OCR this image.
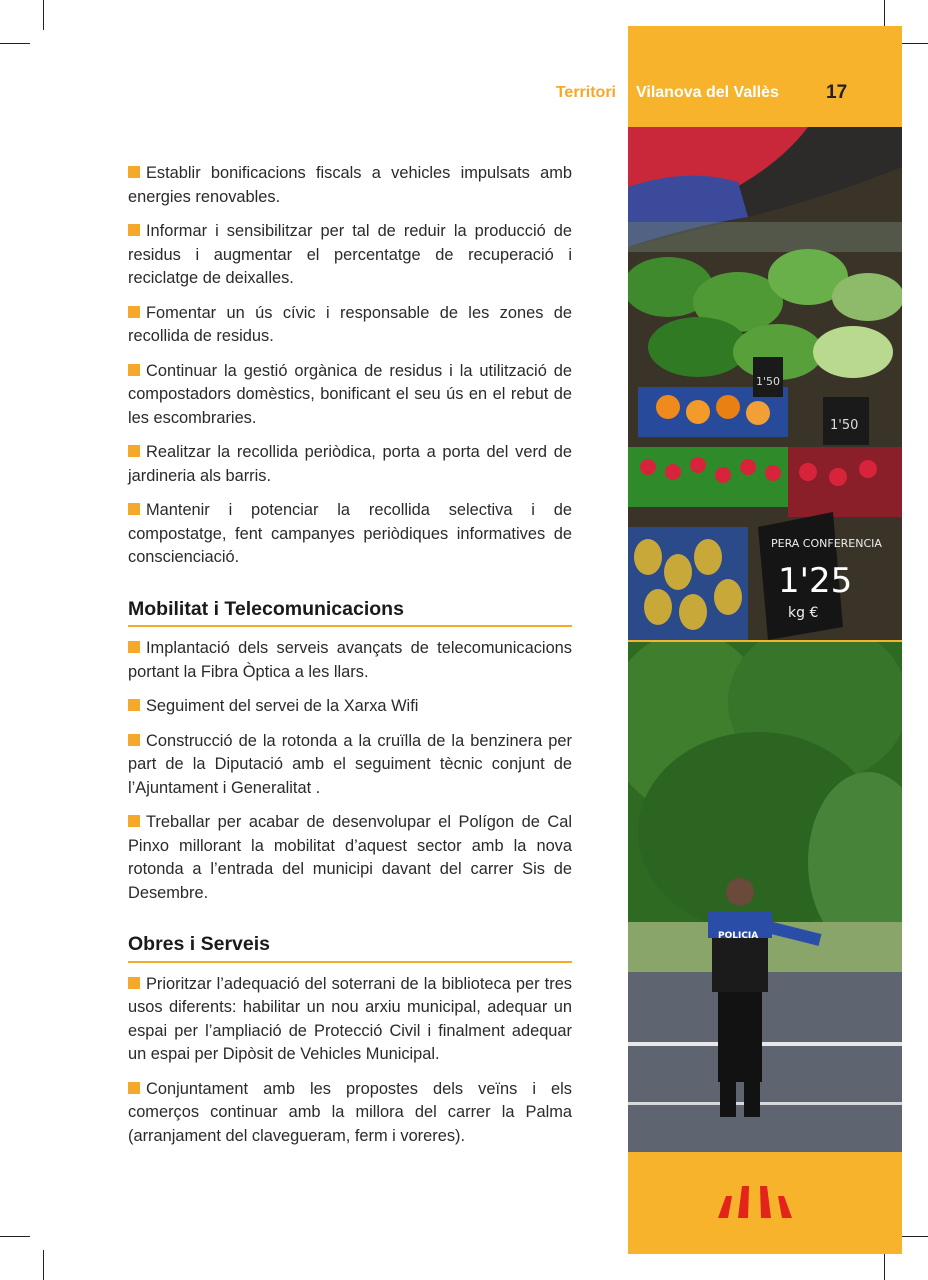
Territori Vilanova del Vallès 17
PERA CONFERENCIA
1'25
kg €
1'50
1'50
POLICIA

Establir bonificacions fiscals a vehicles impulsats amb energies renovables.

Informar i sensibilitzar per tal de reduir la producció de residus i augmentar el percentatge de recuperació i reciclatge de deixalles.

Fomentar un ús cívic i responsable de les zones de recollida de residus.

Continuar la gestió orgànica de residus i la utilització de compostadors domèstics, bonificant el seu ús en el rebut de les escombraries.

Realitzar la recollida periòdica, porta a porta del verd de jardineria als barris.

Mantenir i potenciar la recollida selectiva i de compostatge, fent campanyes periòdiques informatives de conscienciació.

Mobilitat i Telecomunicacions

Implantació dels serveis avançats de telecomunicacions portant la Fibra Òptica a les llars.

Seguiment del servei de la Xarxa Wifi

Construcció de la rotonda a la cruïlla de la benzinera per part de la Diputació amb el seguiment tècnic conjunt de l’Ajuntament i Generalitat .

Treballar per acabar de desenvolupar el Polígon de Cal Pinxo millorant la mobilitat d’aquest sector amb la nova rotonda a l’entrada del municipi davant del carrer Sis de Desembre.

Obres i Serveis

Prioritzar l’adequació del soterrani de la biblioteca per tres usos diferents: habilitar un nou arxiu municipal, adequar un espai per l’ampliació de Protecció Civil i finalment adequar un espai per Dipòsit de Vehicles Municipal.

Conjuntament amb les propostes dels veïns i els comerços continuar amb la millora del carrer la Palma (arranjament del clavegueram, ferm i voreres).
